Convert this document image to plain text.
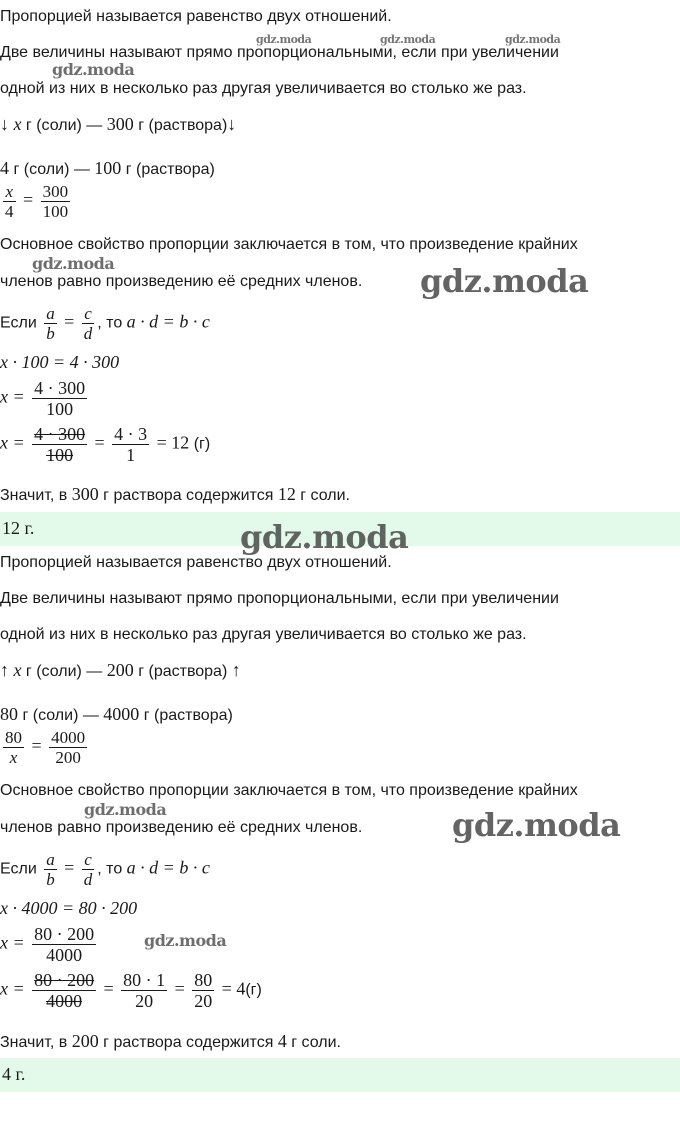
Пропорцией называется равенство двух отношений.
Две величины называют прямо пропорциональными, если при увеличении
одной из них в несколько раз другая увеличивается во столько же раз.
↓ x г (соли) — 300 г (раствора)↓
4 г (соли) — 100 г (раствора)
$\frac{x}{4} = \frac{300}{100}$
Основное свойство пропорции заключается в том, что произведение крайних
членов равно произведению её средних членов.
Если $\frac{a}{b} = \frac{c}{d}$ , то a · d = b · c
x · 100 = 4 · 300
$x = \frac{4 \cdot 300}{100}$
$x = \frac{4 \cdot 300}{100} = \frac{4 \cdot 3}{1} = 12$ (г)
Значит, в 300 г раствора содержится 12 г соли.
12 г.
Пропорцией называется равенство двух отношений.
Две величины называют прямо пропорциональными, если при увеличении
одной из них в несколько раз другая увеличивается во столько же раз.
↑ x г (соли) — 200 г (раствора) ↑
80 г (соли) — 4000 г (раствора)
$\frac{80}{x} = \frac{4000}{200}$
Основное свойство пропорции заключается в том, что произведение крайних
членов равно произведению её средних членов.
Если $\frac{a}{b} = \frac{c}{d}$ , то a · d = b · c
x · 4000 = 80 · 200
$x = \frac{80 \cdot 200}{4000}$
$x = \frac{80 \cdot 200}{4000} = \frac{80 \cdot 1}{20} = \frac{80}{20} = 4(г)$
Значит, в 200 г раствора содержится 4 г соли.
4 г.
gdz.moda	gdz.moda	gdz.moda
gdz.moda
gdz.moda	gdz.moda
gdz.moda
gdz.moda	gdz.moda
gdz.moda
